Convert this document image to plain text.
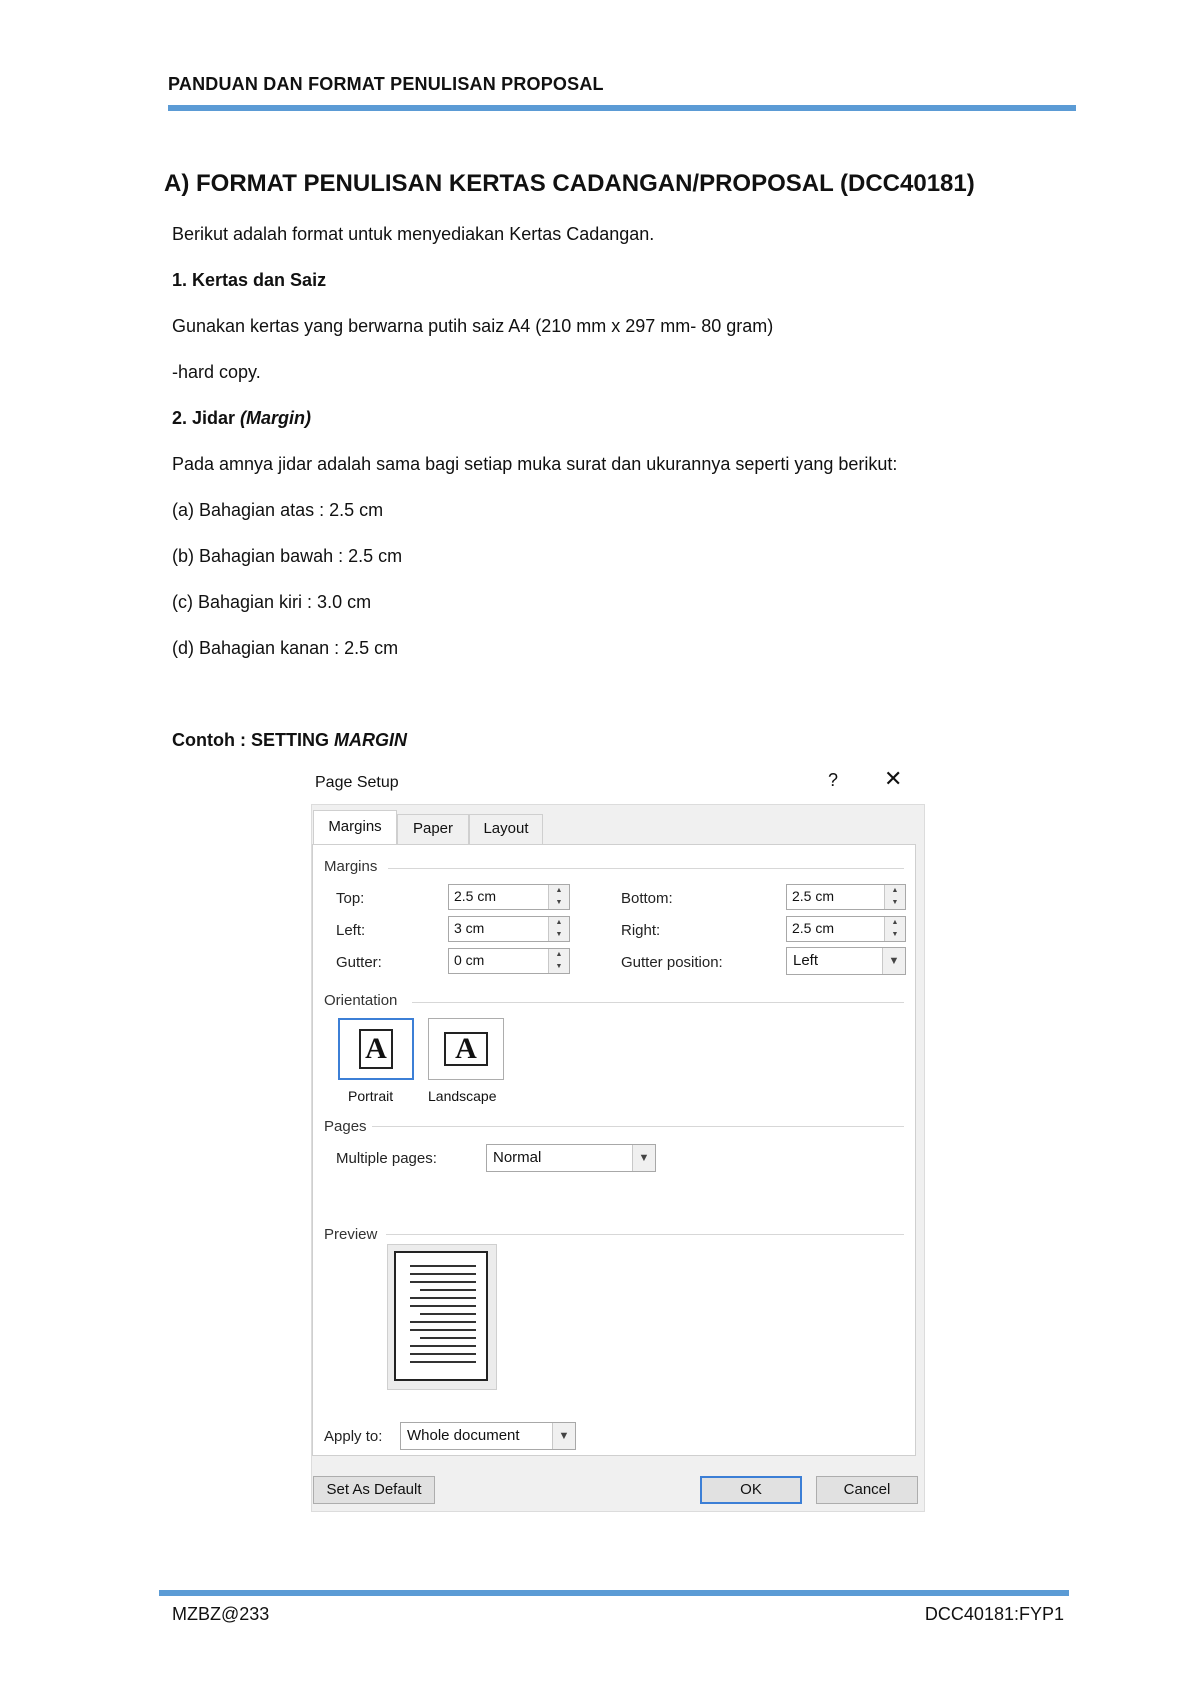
PANDUAN DAN FORMAT PENULISAN PROPOSAL
A) FORMAT PENULISAN KERTAS CADANGAN/PROPOSAL (DCC40181)
Berikut adalah format untuk menyediakan Kertas Cadangan.
1. Kertas dan Saiz
Gunakan kertas yang berwarna putih saiz A4 (210 mm x 297 mm- 80 gram)
-hard copy.
2. Jidar (Margin)
Pada amnya jidar adalah sama bagi setiap muka surat dan ukurannya seperti yang berikut:
(a) Bahagian atas : 2.5 cm
(b) Bahagian bawah : 2.5 cm
(c) Bahagian kiri : 3.0 cm
(d) Bahagian kanan : 2.5 cm
Contoh : SETTING MARGIN
Page Setup	? ✕
Margins	Paper	Layout
Margins
Top:	2.5 cm	▲
▼	Bottom:	2.5 cm	▲
▼
Left:	3 cm	▲
▼	Right:	2.5 cm	▲
▼
Gutter:	0 cm	▲
▼	Gutter position:	Left	▼
Orientation
A	A
Portrait Landscape
Pages
Multiple pages:	Normal	▼
Preview
Apply to: Whole document	▼
Set As Default	OK	Cancel
MZBZ@233	DCC40181:FYP1
